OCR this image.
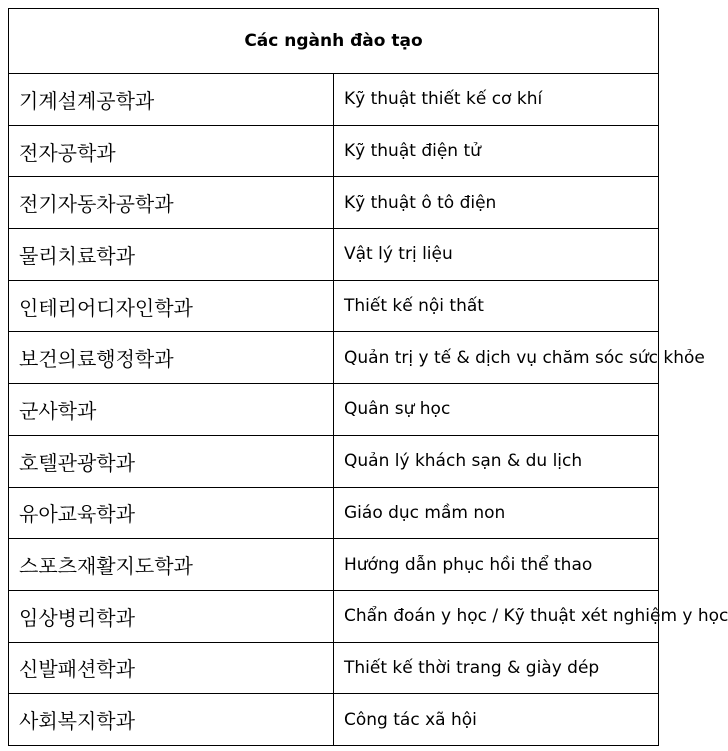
Các ngành đào tạo	
기계설계공학과	Kỹ thuật thiết kế cơ khí
전자공학과	Kỹ thuật điện tử
전기자동차공학과	Kỹ thuật ô tô điện
물리치료학과	Vật lý trị liệu
인테리어디자인학과	Thiết kế nội thất
보건의료행정학과	Quản trị y tế & dịch vụ chăm sóc sức khỏe
군사학과	Quân sự học
호텔관광학과	Quản lý khách sạn & du lịch
유아교육학과	Giáo dục mầm non
스포츠재활지도학과	Hướng dẫn phục hồi thể thao
임상병리학과	Chẩn đoán y học / Kỹ thuật xét nghiệm y học
신발패션학과	Thiết kế thời trang & giày dép
사회복지학과	Công tác xã hội
